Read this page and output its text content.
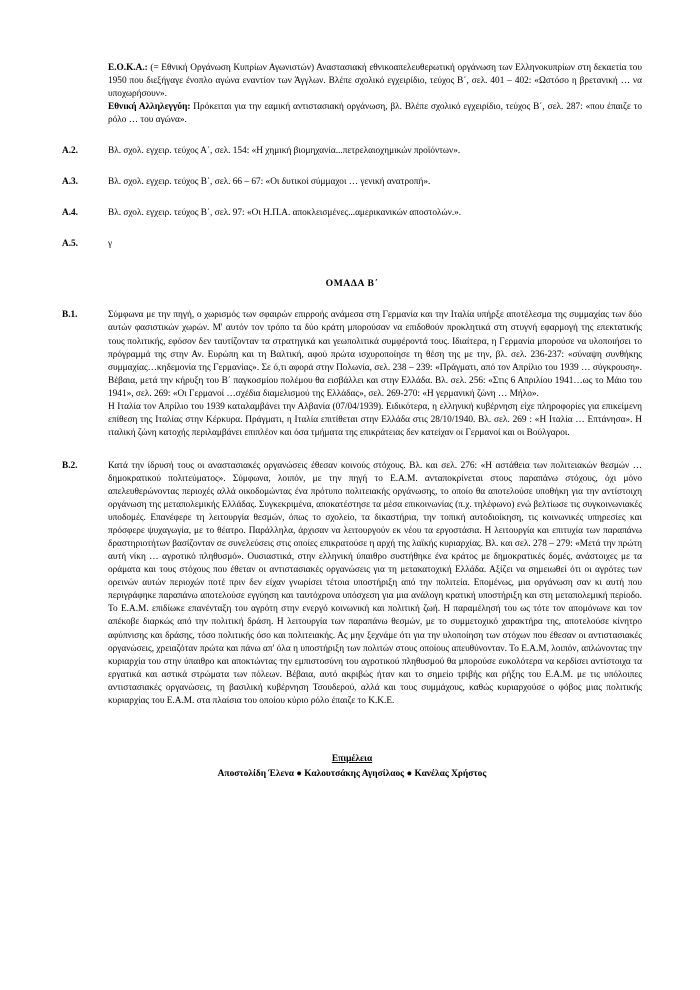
Ε.Ο.Κ.Α.: (= Εθνική Οργάνωση Κυπρίων Αγωνιστών) Αναστασιακή εθνικοαπελευθερωτική οργάνωση των Ελληνοκυπρίων στη δεκαετία του 1950 που διεξήγαγε ένοπλο αγώνα εναντίον των Άγγλων. Βλέπε σχολικό εγχειρίδιο, τεύχος Β΄, σελ. 401 – 402: «Ωστόσο η βρετανική … να υποχωρήσουν».

Εθνική Αλληλεγγύη: Πρόκειται για την εαμική αντιστασιακή οργάνωση, βλ. Βλέπε σχολικό εγχειρίδιο, τεύχος Β΄, σελ. 287: «που έπαιζε το ρόλο … του αγώνα».

Α.2.	Βλ. σχολ. εγχειρ. τεύχος Α΄, σελ. 154: «Η χημική βιομηχανία...πετρελαιοχημικών προϊόντων».
Α.3.	Βλ. σχολ. εγχειρ. τεύχος Β΄, σελ. 66 – 67: «Οι δυτικοί σύμμαχοι … γενική ανατροπή».
Α.4.	Βλ. σχολ. εγχειρ. τεύχος Β΄, σελ. 97: «Οι Η.Π.Α. αποκλεισμένες...αμερικανικών αποστολών.».
Α.5.	γ
ΟΜΑΔΑ Β΄
Β.1.	Σύμφωνα με την πηγή, ο χωρισμός των σφαιρών επιρροής ανάμεσα στη Γερμανία και την Ιταλία υπήρξε αποτέλεσμα της συμμαχίας των δύο αυτών φασιστικών χωρών. Μ' αυτόν τον τρόπο τα δύο κράτη μπορούσαν να επιδοθούν προκλητικά στη στυγνή εφαρμογή της επεκτατικής τους πολιτικής, εφόσον δεν ταυτίζονταν τα στρατηγικά και γεωπολιτικά συμφέροντά τους. Ιδιαίτερα, η Γερμανία μπορούσε να υλοποιήσει το πρόγραμμά της στην Αν. Ευρώπη και τη Βαλτική, αφού πρώτα ισχυροποίησε τη θέση της με την, βλ. σελ. 236-237: «σύναψη συνθήκης συμμαχίας…κηδεμονία της Γερμανίας». Σε ό,τι αφορά στην Πολωνία, σελ. 238 – 239: «Πράγματι, από τον Απρίλιο του 1939 … σύγκρουση». Βέβαια, μετά την κήρυξη του Β΄ παγκοσμίου πολέμου θα εισβάλλει και στην Ελλάδα. Βλ. σελ. 256: «Στις 6 Απριλίου 1941…ως το Μάιο του 1941», σελ. 269: «Οι Γερμανοί …σχέδια διαμελισμού της Ελλάδας», σελ. 269-270: «Η γερμανική ζώνη … Μήλο».

Η Ιταλία τον Απρίλιο του 1939 καταλαμβάνει την Αλβανία (07/04/1939). Ειδικότερα, η ελληνική κυβέρνηση είχε πληροφορίες για επικείμενη επίθεση της Ιταλίας στην Κέρκυρα. Πράγματι, η Ιταλία επιτίθεται στην Ελλάδα στις 28/10/1940. Βλ. σελ. 269 : «Η Ιταλία … Επτάνησα». Η ιταλική ζώνη κατοχής περιλαμβάνει επιπλέον και όσα τμήματα της επικράτειας δεν κατείχαν οι Γερμανοί και οι Βούλγαροι.

Β.2.	Κατά την ίδρυσή τους οι αναστασιακές οργανώσεις έθεσαν κοινούς στόχους. Βλ. και σελ. 276: «Η αστάθεια των πολιτειακών θεσμών … δημοκρατικού πολιτεύματος». Σύμφωνα, λοιπόν, με την πηγή το Ε.Α.Μ. ανταποκρίνεται στους παραπάνω στόχους, όχι μόνο απελευθερώνοντας περιοχές αλλά οικοδομώντας ένα πρότυπο πολιτειακής οργάνωσης, το οποίο θα αποτελούσε υποθήκη για την αντίστοιχη οργάνωση της μεταπολεμικής Ελλάδας. Συγκεκριμένα, αποκατέστησε τα μέσα επικοινωνίας (π.χ. τηλέφωνο) ενώ βελτίωσε τις συγκοινωνιακές υποδομές. Επανέφερε τη λειτουργία θεσμών, όπως το σχολείο, τα δικαστήρια, την τοπική αυτοδιοίκηση, τις κοινωνικές υπηρεσίες και πρόσφερε ψυχαγωγία, με το θέατρο. Παράλληλα, άρχισαν να λειτουργούν εκ νέου τα εργοστάσια. Η λειτουργία και επιτυχία των παραπάνω δραστηριοτήτων βασίζονταν σε συνελεύσεις στις οποίες επικρατούσε η αρχή της λαϊκής κυριαρχίας. Βλ. και σελ. 278 – 279: «Μετά την πρώτη αυτή νίκη … αγροτικό πληθυσμό». Ουσιαστικά, στην ελληνική ύπαιθρο συστήθηκε ένα κράτος με δημοκρατικές δομές, ανάστοιχες με τα οράματα και τους στόχους που έθεταν οι αντιστασιακές οργανώσεις για τη μετακατοχική Ελλάδα. Αξίζει να σημειωθεί ότι οι αγρότες των ορεινών αυτών περιοχών ποτέ πριν δεν είχαν γνωρίσει τέτοια υποστήριξη από την πολιτεία. Επομένως, μια οργάνωση σαν κι αυτή που περιγράφηκε παραπάνω αποτελούσε εγγύηση και ταυτόχρονα υπόσχεση για μια ανάλογη κρατική υποστήριξη και στη μεταπολεμική περίοδο. Το Ε.Α.Μ. επιδίωκε επανένταξη του αγρότη στην ενεργό κοινωνική και πολιτική ζωή. Η παραμέλησή του ως τότε τον απομόνωνε και τον απέκοβε διαρκώς από την πολιτική δράση. Η λειτουργία των παραπάνω θεσμών, με το συμμετοχικό χαρακτήρα της, αποτελούσε κίνητρο αφύπνισης και δράσης, τόσο πολιτικής όσο και πολιτειακής. Ας μην ξεχνάμε ότι για την υλοποίηση των στόχων που έθεσαν οι αντιστασιακές οργανώσεις, χρειαζόταν πρώτα και πάνω απ' όλα η υποστήριξη των πολιτών στους οποίους απευθύνονταν. Το Ε.Α.Μ, λοιπόν, απλώνοντας την κυριαρχία του στην ύπαιθρο και αποκτώντας την εμπιστοσύνη του αγροτικού πληθυσμού θα μπορούσε ευκολότερα να κερδίσει αντίστοιχα τα εργατικά και αστικά στρώματα των πόλεων. Βέβαια, αυτό ακριβώς ήταν και το σημείο τριβής και ρήξης του Ε.Α.Μ. με τις υπόλοιπες αντιστασιακές οργανώσεις, τη βασιλική κυβέρνηση Τσουδερού, αλλά και τους συμμάχους, καθώς κυριαρχούσε ο φόβος μιας πολιτικής κυριαρχίας του Ε.Α.Μ. στα πλαίσια του οποίου κύριο ρόλο έπαιζε το Κ.Κ.Ε.

Επιμέλεια
Αποστολίδη Έλενα ● Καλουτσάκης Αγησίλαος ● Κανέλας Χρήστος
